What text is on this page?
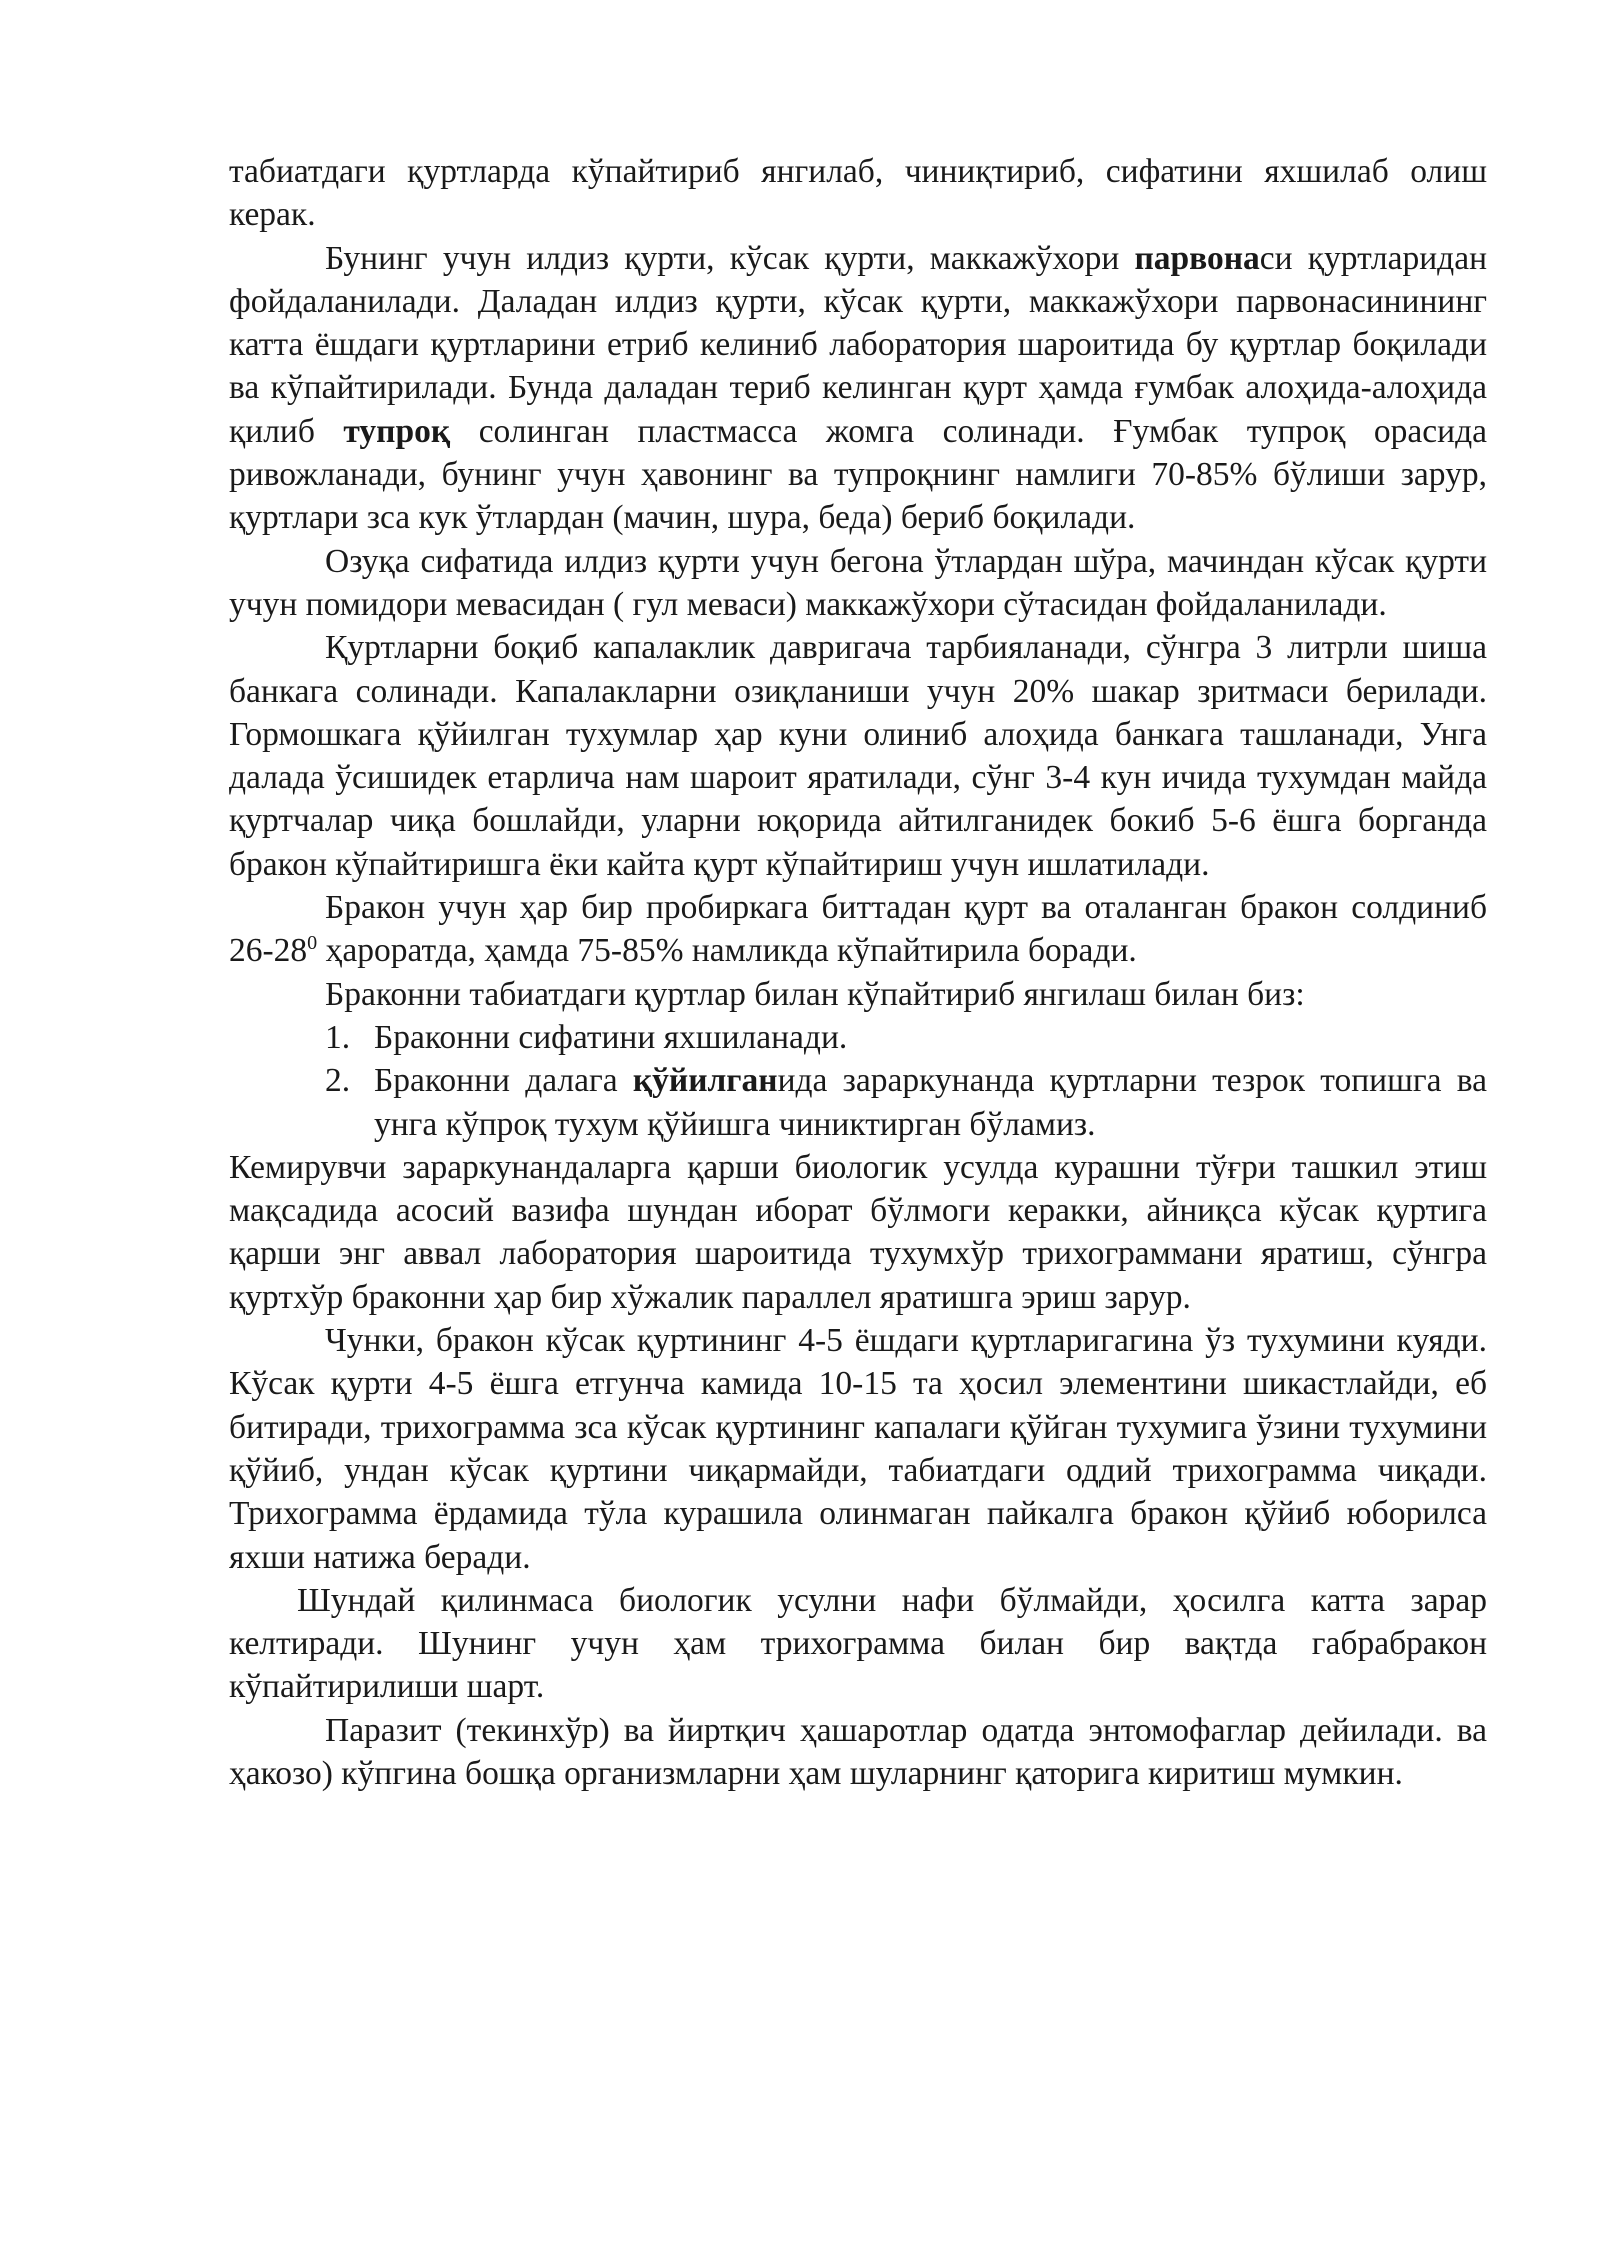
табиатдаги қуртларда кўпайтириб янгилаб, чиниқтириб, сифатини яхшилаб олиш керак.

Бунинг учун илдиз қурти, кўсак қурти, маккажўхори парвонаси қуртларидан фойдаланилади. Даладан илдиз қурти, кўсак қурти, маккажўхори парвонасинининг катта ёшдаги қуртларини етриб келиниб лаборатория шароитида бу қуртлар боқилади ва кўпайтирилади. Бунда даладан териб келинган қурт ҳамда ғумбак алоҳида-алоҳида қилиб тупроқ солинган пластмасса жомга солинади. Ғумбак тупроқ орасида ривожланади, бунинг учун ҳавонинг ва тупроқнинг намлиги 70-85% бўлиши зарур, қуртлари зса кук ўтлардан (мачин, шура, беда) бериб боқилади.

Озуқа сифатида илдиз қурти учун бегона ўтлардан шўра, мачиндан кўсак қурти учун помидори мевасидан ( гул меваси) маккажўхори сўтасидан фойдаланилади.

Қуртларни боқиб капалаклик давригача тарбияланади, сўнгра 3 литрли шиша банкага солинади. Капалакларни озиқланиши учун 20% шакар зритмаси берилади. Гормошкага қўйилган тухумлар ҳар куни олиниб алоҳида банкага ташланади, Унга далада ўсишидек етарлича нам шароит яратилади, сўнг 3-4 кун ичида тухумдан майда қуртчалар чиқа бошлайди, уларни юқорида айтилганидек бокиб 5-6 ёшга борганда бракон кўпайтиришга ёки кайта қурт кўпайтириш учун ишлатилади.

Бракон учун ҳар бир пробиркага биттадан қурт ва оталанган бракон солдиниб $26-28^0$ ҳароратда, ҳамда 75-85% намликда кўпайтирила боради.

Браконни табиатдаги қуртлар билан кўпайтириб янгилаш билан биз:

1. Браконни сифатини яхшиланади.
2. Браконни далага қўйилганида зараркунанда қуртларни тезрок топишга ва унга кўпроқ тухум қўйишга чиниктирган бўламиз.

Кемирувчи зараркунандаларга қарши биологик усулда курашни тўғри ташкил этиш мақсадида асосий вазифа шундан иборат бўлмоги керакки, айниқса кўсак қуртига қарши энг аввал лаборатория шароитида тухумхўр трихограммани яратиш, сўнгра қуртхўр браконни ҳар бир хўжалик параллел яратишга эриш зарур.

Чунки, бракон кўсак қуртининг 4-5 ёшдаги қуртларигагина ўз тухумини куяди. Кўсак қурти 4-5 ёшга етгунча камида 10-15 та ҳосил элементини шикастлайди, еб битиради, трихограмма зса кўсак қуртининг капалаги қўйган тухумига ўзини тухумини қўйиб, ундан кўсак қуртини чиқармайди, табиатдаги оддий трихограмма чиқади. Трихограмма ёрдамида тўла курашила олинмаган пайкалга бракон қўйиб юборилса яхши натижа беради.

Шундай қилинмаса биологик усулни нафи бўлмайди, ҳосилга катта зарар келтиради. Шунинг учун ҳам трихограмма билан бир вақтда габрабракон кўпайтирилиши шарт.

Паразит (текинхўр) ва йиртқич ҳашаротлар одатда энтомофаглар дейилади. ва ҳакозо) кўпгина бошқа организмларни ҳам шуларнинг қаторига киритиш мумкин.
